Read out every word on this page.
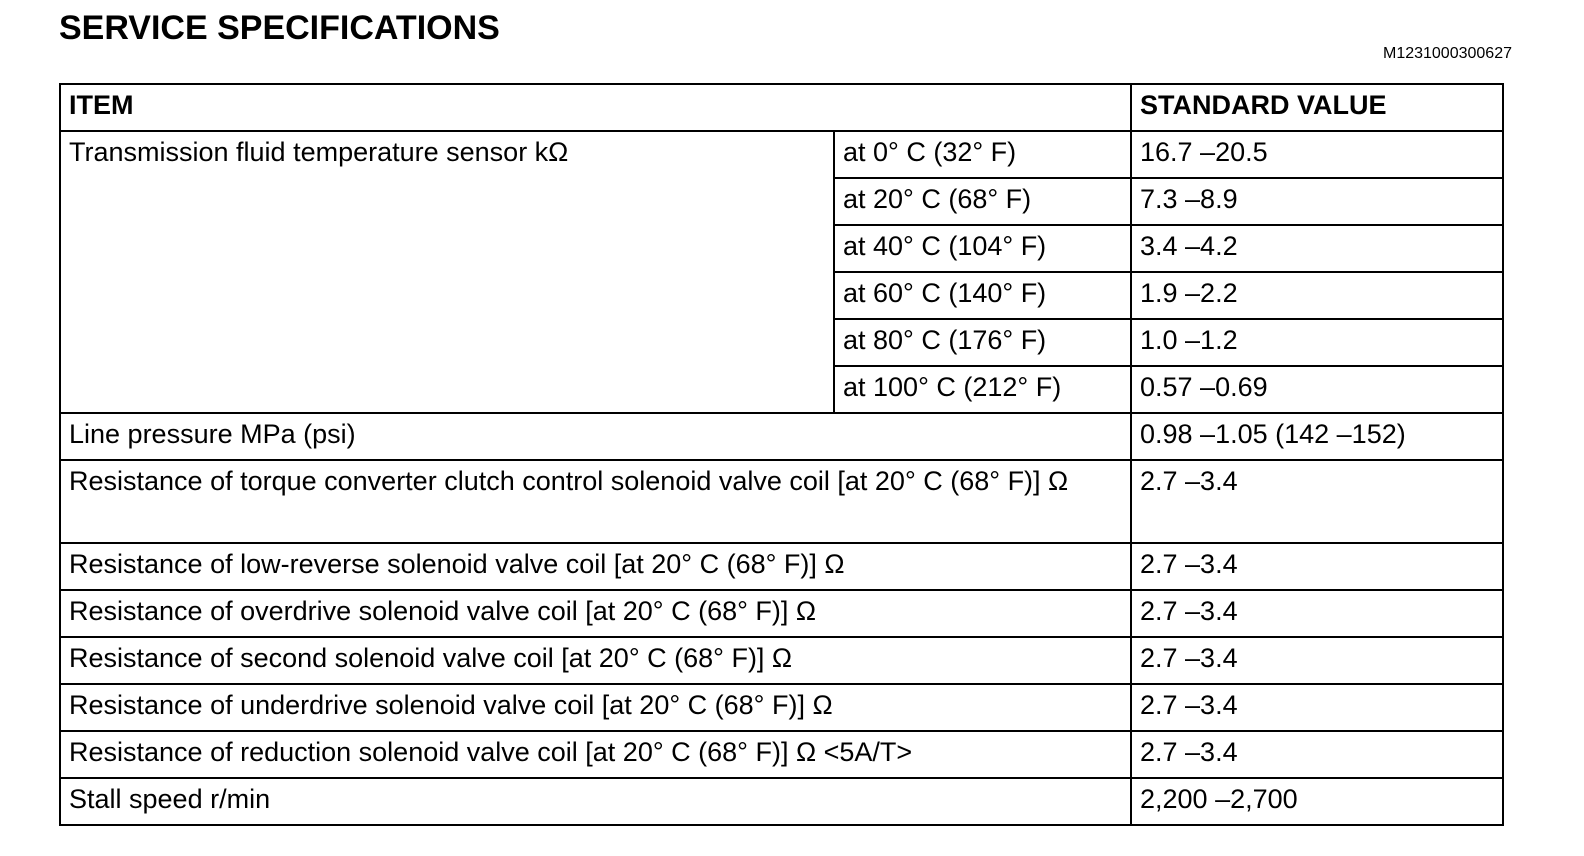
SERVICE SPECIFICATIONS
M1231000300627
ITEM		STANDARD VALUE
Transmission fluid temperature sensor kΩ	at 0° C (32° F)	16.7 –20.5
	at 20° C (68° F)	7.3 –8.9
	at 40° C (104° F)	3.4 –4.2
	at 60° C (140° F)	1.9 –2.2
	at 80° C (176° F)	1.0 –1.2
	at 100° C (212° F)	0.57 –0.69
Line pressure MPa (psi)		0.98 –1.05 (142 –152)
Resistance of torque converter clutch control solenoid valve coil [at 20° C (68° F)] Ω		2.7 –3.4
Resistance of low-reverse solenoid valve coil [at 20° C (68° F)] Ω		2.7 –3.4
Resistance of overdrive solenoid valve coil [at 20° C (68° F)] Ω		2.7 –3.4
Resistance of second solenoid valve coil [at 20° C (68° F)] Ω		2.7 –3.4
Resistance of underdrive solenoid valve coil [at 20° C (68° F)] Ω		2.7 –3.4
Resistance of reduction solenoid valve coil [at 20° C (68° F)] Ω <5A/T>		2.7 –3.4
Stall speed r/min		2,200 –2,700
